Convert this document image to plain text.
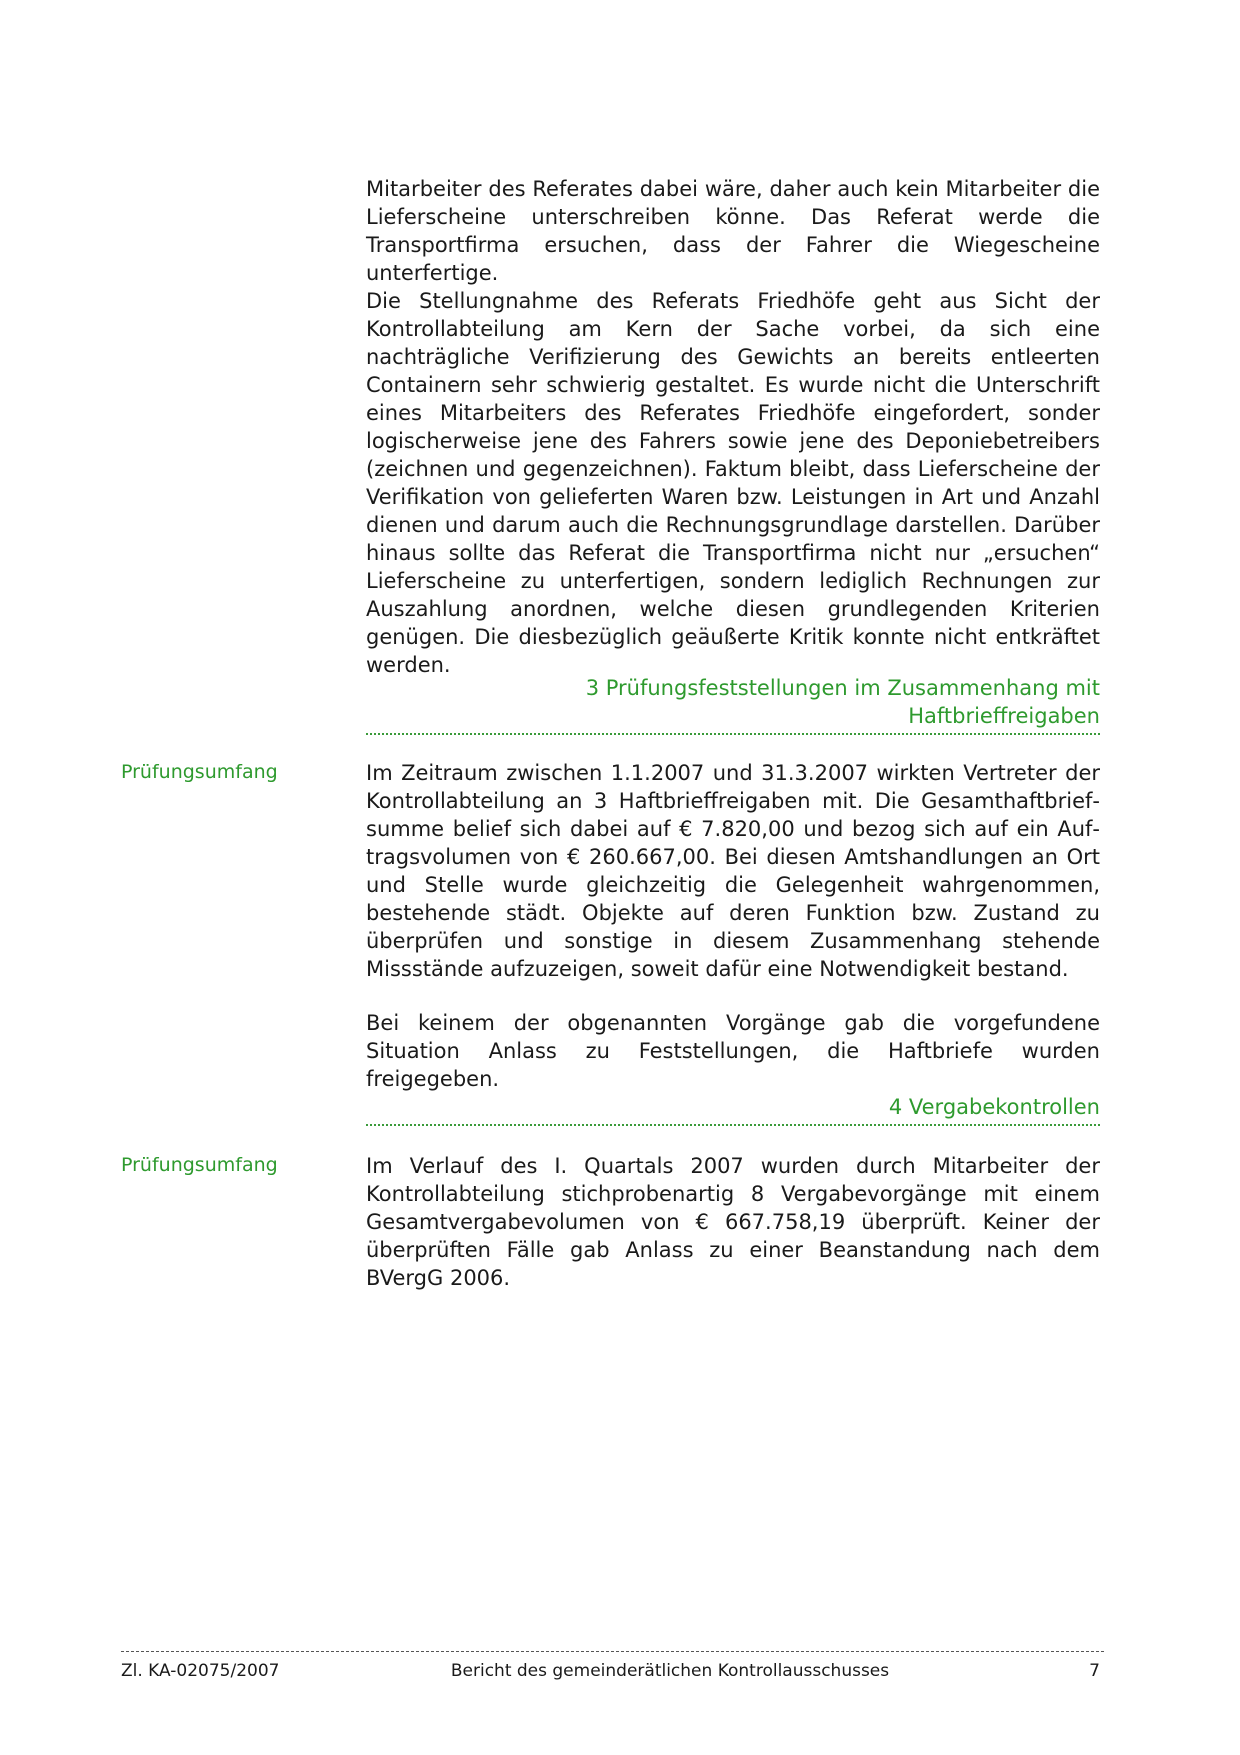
Mitarbeiter des Referates dabei wäre, daher auch kein Mitarbeiter die Lieferscheine unterschreiben könne. Das Referat werde die Transportfirma ersuchen, dass der Fahrer die Wiegescheine unterfertige.

Die Stellungnahme des Referats Friedhöfe geht aus Sicht der Kontrollabteilung am Kern der Sache vorbei, da sich eine nachträgliche Verifizierung des Gewichts an bereits entleerten Containern sehr schwierig gestaltet. Es wurde nicht die Unterschrift eines Mitarbeiters des Referates Friedhöfe eingefordert, sonder logischerweise jene des Fahrers sowie jene des Deponiebetreibers (zeichnen und gegenzeichnen). Faktum bleibt, dass Lieferscheine der Verifikation von gelieferten Waren bzw. Leistungen in Art und Anzahl dienen und darum auch die Rechnungsgrundlage darstellen. Darüber hinaus sollte das Referat die Transportfirma nicht nur „ersuchen“ Lieferscheine zu unterfertigen, sondern lediglich Rechnungen zur Auszahlung anordnen, welche diesen grundlegenden Kriterien genügen. Die diesbezüglich geäußerte Kritik konnte nicht entkräftet werden.

3 Prüfungsfeststellungen im Zusammenhang mit
Haftbrieffreigaben
Prüfungsumfang	Im Zeitraum zwischen 1.1.2007 und 31.3.2007 wirkten Vertreter der Kontrollabteilung an 3 Haftbrieffreigaben mit. Die Gesamthaftbriefsumme belief sich dabei auf € 7.820,00 und bezog sich auf ein Auftragsvolumen von € 260.667,00. Bei diesen Amtshandlungen an Ort und Stelle wurde gleichzeitig die Gelegenheit wahrgenommen, bestehende städt. Objekte auf deren Funktion bzw. Zustand zu überprüfen und sonstige in diesem Zusammenhang stehende Missstände aufzuzeigen, soweit dafür eine Notwendigkeit bestand.

Bei keinem der obgenannten Vorgänge gab die vorgefundene Situation Anlass zu Feststellungen, die Haftbriefe wurden freigegeben.

4 Vergabekontrollen
Prüfungsumfang	Im Verlauf des I. Quartals 2007 wurden durch Mitarbeiter der Kontrollabteilung stichprobenartig 8 Vergabevorgänge mit einem Gesamtvergabevolumen von € 667.758,19 überprüft. Keiner der überprüften Fälle gab Anlass zu einer Beanstandung nach dem BVergG 2006.

Zl. KA-02075/2007	Bericht des gemeinderätlichen Kontrollausschusses	7
